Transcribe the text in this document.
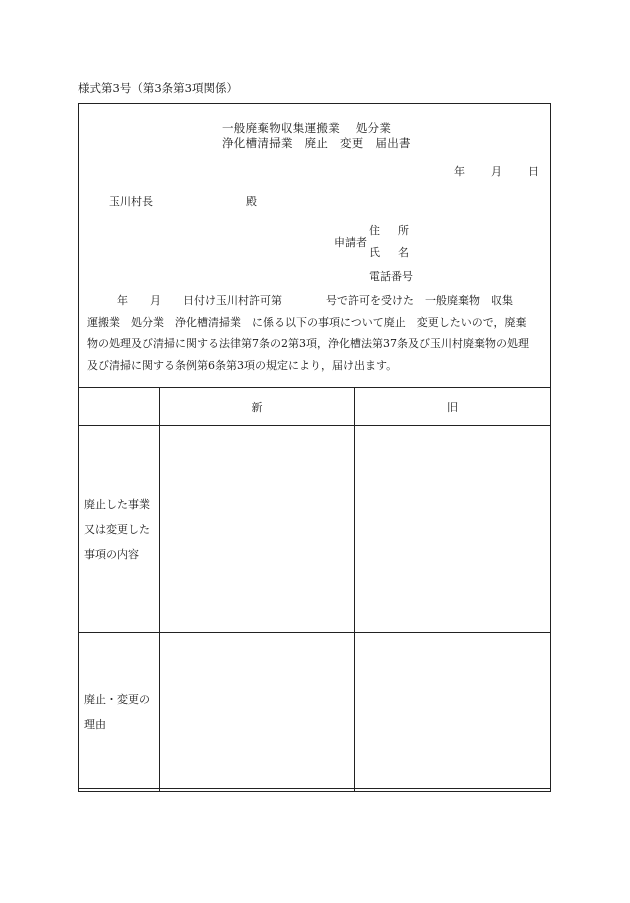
様式第3号（第3条第3項関係）
一般廃棄物収集運搬業　 処分業
浄化槽清掃業　廃止　変更　届出書
年 月 日
玉川村長	殿
申請者
住所
氏名
電話番号
年　　月　　日付け玉川村許可第　　　　号で許可を受けた　一般廃棄物　収集
運搬業　処分業　浄化槽清掃業　に係る以下の事項について廃止　変更したいので，廃棄
物の処理及び清掃に関する法律第7条の2第3項，浄化槽法第37条及び玉川村廃棄物の処理
及び清掃に関する条例第6条第3項の規定により，届け出ます。
	新	旧

廃止した事業
又は変更した
事項の内容		

廃止・変更の
理由		
